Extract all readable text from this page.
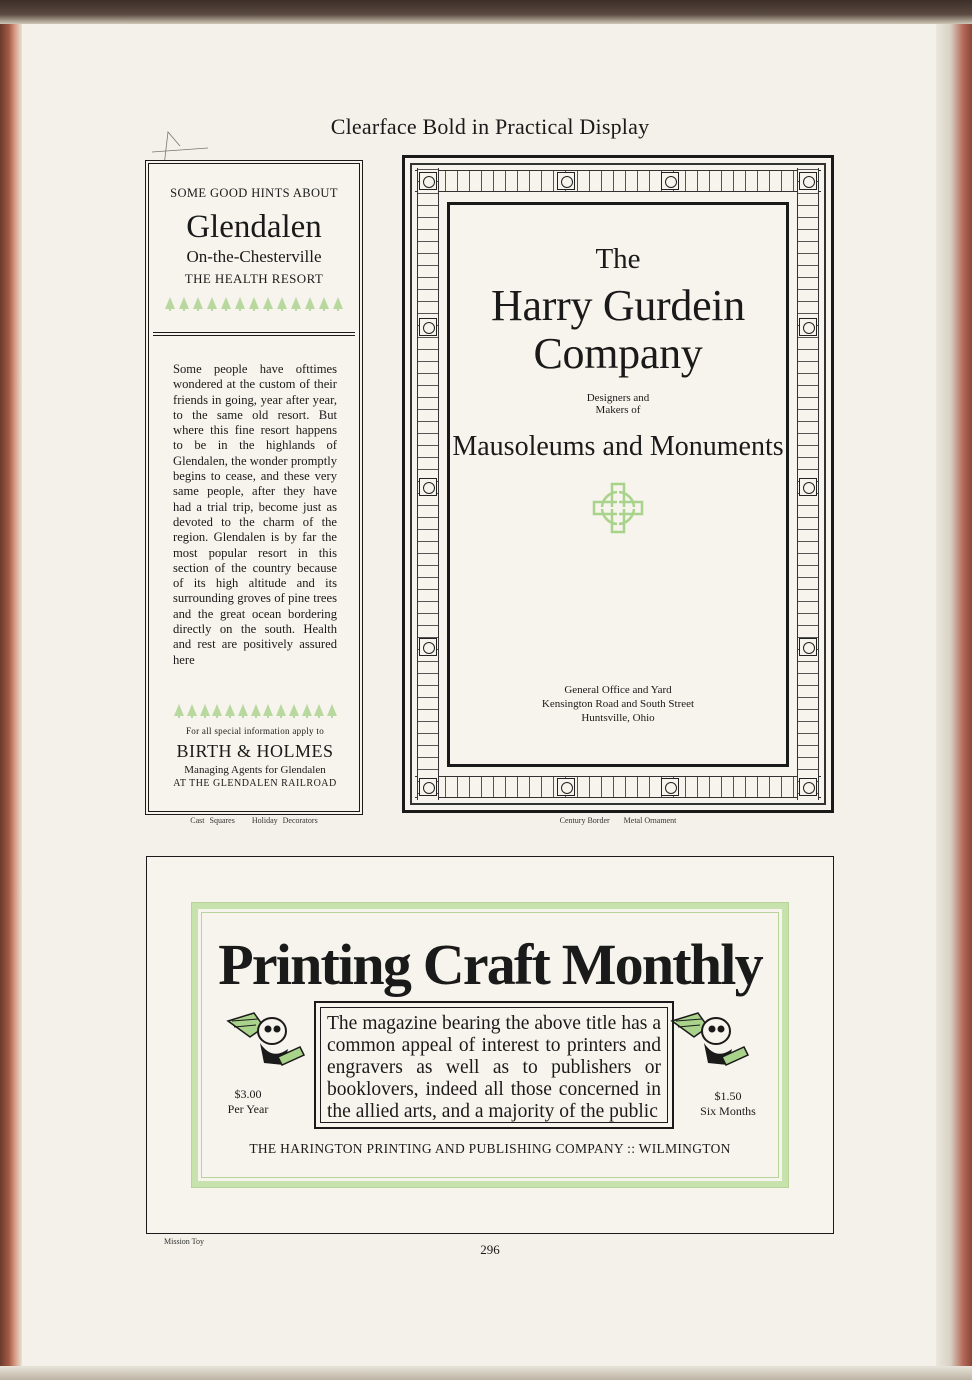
Clearface Bold in Practical Display
SOME GOOD HINTS ABOUT
Glendalen
On-the-Chesterville
THE HEALTH RESORT
Some people have ofttimes wondered at the custom of their friends in going, year after year, to the same old resort. But where this fine resort happens to be in the highlands of Glendalen, the wonder promptly begins to cease, and these very same people, after they have had a trial trip, become just as devoted to the charm of the region. Glendalen is by far the most popular resort in this section of the country because of its high altitude and its surrounding groves of pine trees and the great ocean bordering directly on the south. Health and rest are positively assured here
For all special information apply to
BIRTH & HOLMES
Managing Agents for Glendalen
AT THE GLENDALEN RAILROAD
Cast Squares Holiday Decorators
The
Harry Gurdein Company
Designers and
Makers of
Mausoleums and Monuments
General Office and Yard
Kensington Road and South Street
Huntsville, Ohio
Century Border Metal Ornament
Printing Craft Monthly
The magazine bearing the above title has a common appeal of interest to printers and engravers as well as to publishers or booklovers, indeed all those concerned in the allied arts, and a majority of the public
$3.00
Per Year
$1.50
Six Months
THE HARINGTON PRINTING AND PUBLISHING COMPANY :: WILMINGTON
Mission Toy
296
